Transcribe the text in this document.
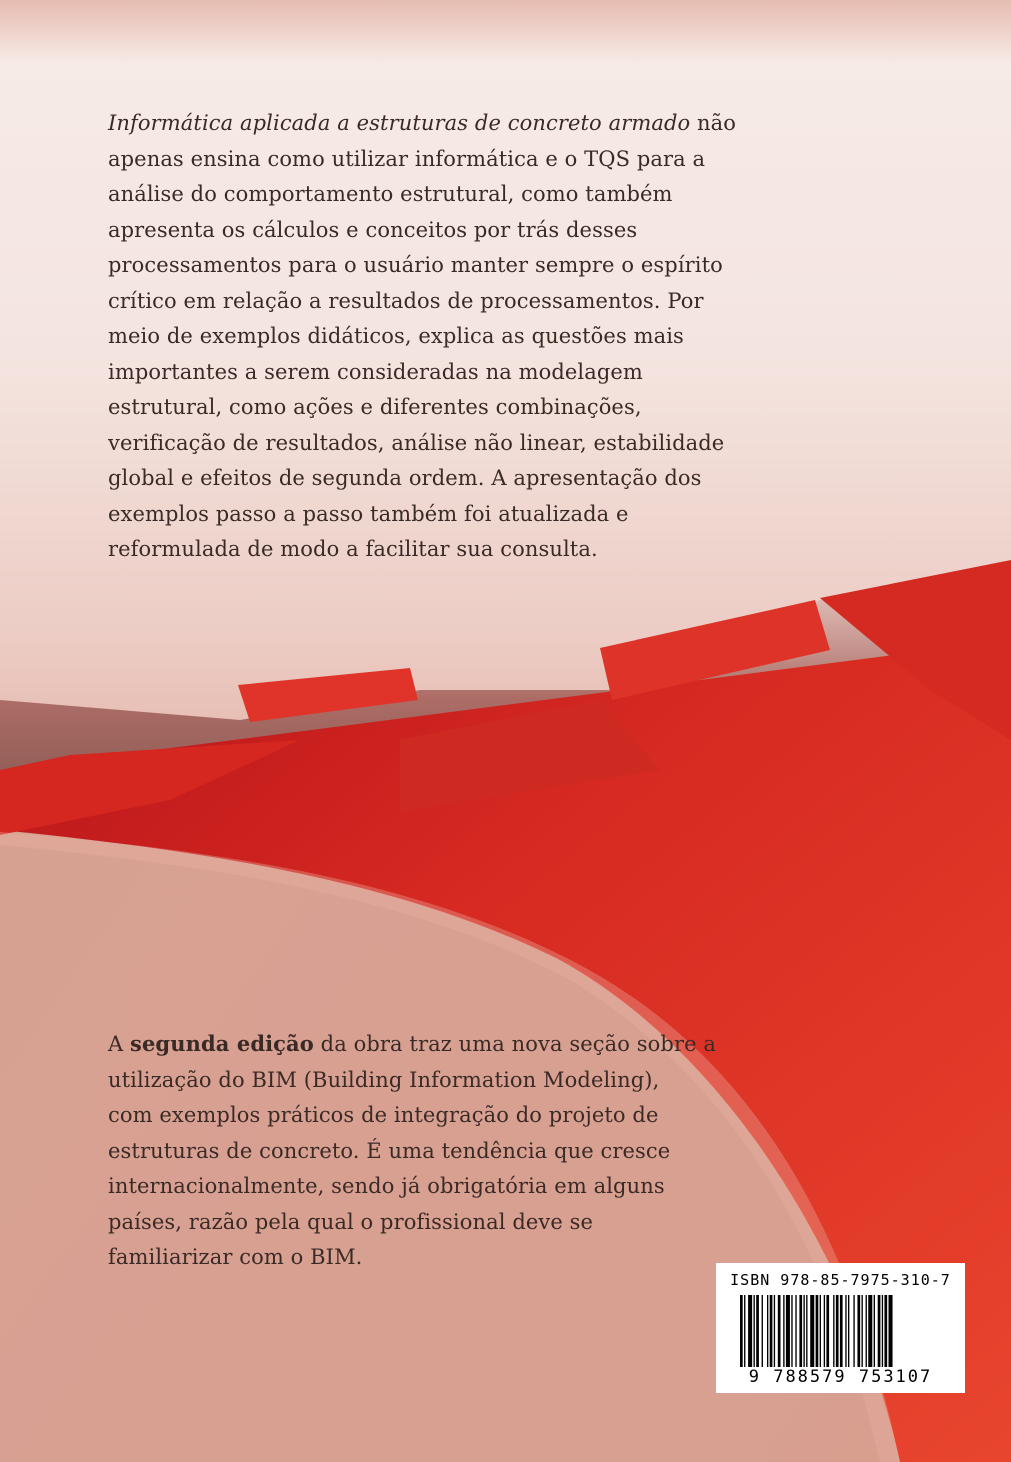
Informática aplicada a estruturas de concreto armado não
apenas ensina como utilizar informática e o TQS para a
análise do comportamento estrutural, como também
apresenta os cálculos e conceitos por trás desses
processamentos para o usuário manter sempre o espírito
crítico em relação a resultados de processamentos. Por
meio de exemplos didáticos, explica as questões mais
importantes a serem consideradas na modelagem
estrutural, como ações e diferentes combinações,
verificação de resultados, análise não linear, estabilidade
global e efeitos de segunda ordem. A apresentação dos
exemplos passo a passo também foi atualizada e
reformulada de modo a facilitar sua consulta.

A segunda edição da obra traz uma nova seção sobre a
utilização do BIM (Building Information Modeling),
com exemplos práticos de integração do projeto de
estruturas de concreto. É uma tendência que cresce
internacionalmente, sendo já obrigatória em alguns
países, razão pela qual o profissional deve se
familiarizar com o BIM.

ISBN 978-85-7975-310-7
9 788579 753107
